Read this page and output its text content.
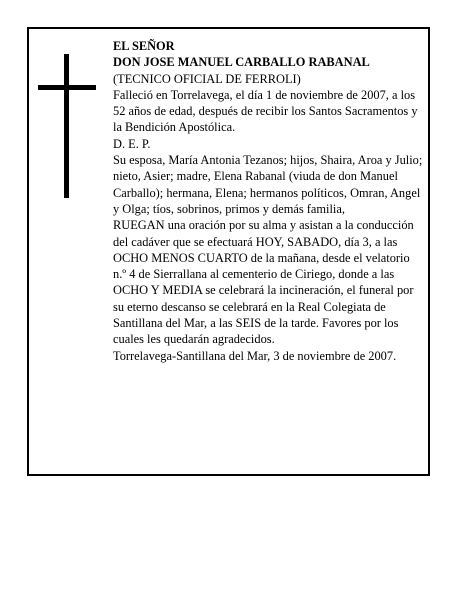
EL SEÑOR

DON JOSE MANUEL CARBALLO RABANAL

(TECNICO OFICIAL DE FERROLI)

Falleció en Torrelavega, el día 1 de noviembre de 2007, a los 52 años de edad, después de recibir los Santos Sacramentos y la Bendición Apostólica.

D. E. P.

Su esposa, María Antonia Tezanos; hijos, Shaira, Aroa y Julio; nieto, Asier; madre, Elena Rabanal (viuda de don Manuel Carballo); hermana, Elena; hermanos políticos, Omran, Angel y Olga; tíos, sobrinos, primos y demás familia,

RUEGAN una oración por su alma y asistan a la conducción del cadáver que se efectuará HOY, SABADO, día 3, a las OCHO MENOS CUARTO de la mañana, desde el velatorio n.º 4 de Sierrallana al cementerio de Ciriego, donde a las OCHO Y MEDIA se celebrará la incineración, el funeral por su eterno descanso se celebrará en la Real Colegiata de Santillana del Mar, a las SEIS de la tarde. Favores por los cuales les quedarán agradecidos.

Torrelavega-Santillana del Mar, 3 de noviembre de 2007.
